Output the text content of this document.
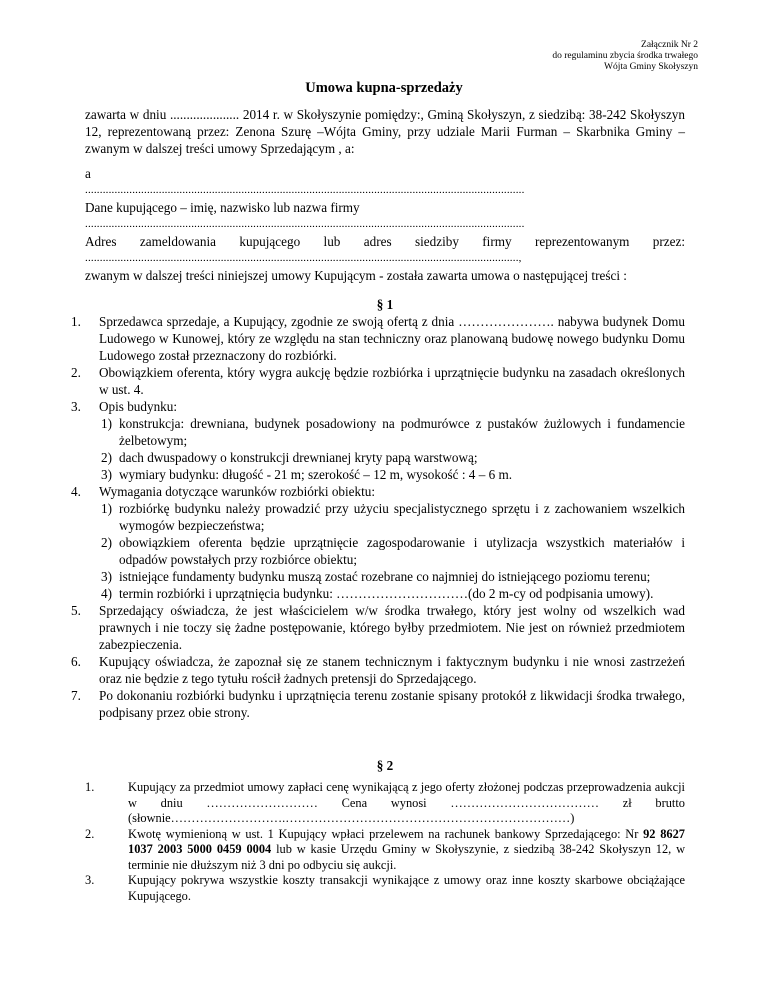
Załącznik Nr 2
do regulaminu zbycia środka trwałego
Wójta Gminy Skołyszyn
Umowa kupna-sprzedaży
zawarta w dniu ..................... 2014 r. w Skołyszynie pomiędzy:, Gminą Skołyszyn, z siedzibą: 38-242 Skołyszyn 12, reprezentowaną przez: Zenona Szurę –Wójta Gminy, przy udziale Marii Furman – Skarbnika Gminy – zwanym w dalszej treści umowy Sprzedającym , a:
a
.....................................................................................................................................................
Dane kupującego – imię, nazwisko lub nazwa firmy
.....................................................................................................................................................
Adres zameldowania kupującego lub adres siedziby firmy reprezentowanym przez:
...................................................................................................................................................,
zwanym w dalszej treści niniejszej umowy Kupującym - została zawarta umowa o następującej treści :
§ 1
1. Sprzedawca sprzedaje, a Kupujący, zgodnie ze swoją ofertą z dnia …………………. nabywa budynek Domu Ludowego w Kunowej, który ze względu na stan techniczny oraz planowaną budowę nowego budynku Domu Ludowego został przeznaczony do rozbiórki.
2. Obowiązkiem oferenta, który wygra aukcję będzie rozbiórka i uprzątnięcie budynku na zasadach określonych w ust. 4.
3. Opis budynku:
1) konstrukcja: drewniana, budynek posadowiony na podmurówce z pustaków żużlowych i fundamencie żelbetowym;
2) dach dwuspadowy o konstrukcji drewnianej kryty papą warstwową;
3) wymiary budynku: długość - 21 m; szerokość – 12 m, wysokość : 4 – 6 m.
4. Wymagania dotyczące warunków rozbiórki obiektu:
1) rozbiórkę budynku należy prowadzić przy użyciu specjalistycznego sprzętu i z zachowaniem wszelkich wymogów bezpieczeństwa;
2) obowiązkiem oferenta będzie uprzątnięcie zagospodarowanie i utylizacja wszystkich materiałów i odpadów powstałych przy rozbiórce obiektu;
3) istniejące fundamenty budynku muszą zostać rozebrane co najmniej do istniejącego poziomu terenu;
4) termin rozbiórki i uprzątnięcia budynku: …………………………(do 2 m-cy od podpisania umowy).
5. Sprzedający oświadcza, że jest właścicielem w/w środka trwałego, który jest wolny od wszelkich wad prawnych i nie toczy się żadne postępowanie, którego byłby przedmiotem. Nie jest on również przedmiotem zabezpieczenia.
6. Kupujący oświadcza, że zapoznał się ze stanem technicznym i faktycznym budynku i nie wnosi zastrzeżeń oraz nie będzie z tego tytułu rościł żadnych pretensji do Sprzedającego.
7. Po dokonaniu rozbiórki budynku i uprzątnięcia terenu zostanie spisany protokół z likwidacji środka trwałego, podpisany przez obie strony.
§ 2
1.	Kupujący za przedmiot umowy zapłaci cenę wynikającą z jego oferty złożonej podczas przeprowadzenia aukcji w dniu ……………………… Cena wynosi ……………………………… zł brutto (słownie……………………….……………………………………………………………)
2.	Kwotę wymienioną w ust. 1 Kupujący wpłaci przelewem na rachunek bankowy Sprzedającego: Nr 92 8627 1037 2003 5000 0459 0004 lub w kasie Urzędu Gminy w Skołyszynie, z siedzibą 38-242 Skołyszyn 12, w terminie nie dłuższym niż 3 dni po odbyciu się aukcji.
3.	Kupujący pokrywa wszystkie koszty transakcji wynikające z umowy oraz inne koszty skarbowe obciążające Kupującego.
